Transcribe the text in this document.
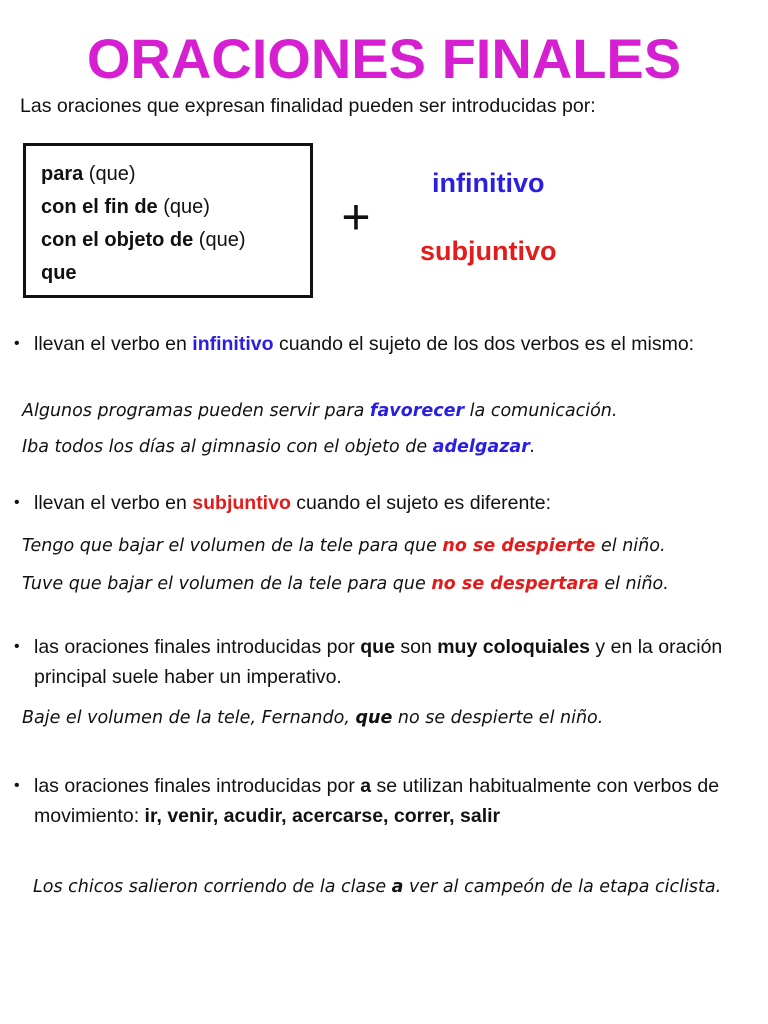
ORACIONES FINALES
Las oraciones que expresan finalidad pueden ser introducidas por:
para (que)
con el fin de (que)
con el objeto de (que)
que
+
infinitivo
subjuntivo
• llevan el verbo en infinitivo cuando el sujeto de los dos verbos es el mismo:
Algunos programas pueden servir para favorecer la comunicación.
Iba todos los días al gimnasio con el objeto de adelgazar.
• llevan el verbo en subjuntivo cuando el sujeto es diferente:
Tengo que bajar el volumen de la tele para que no se despierte el niño.
Tuve que bajar el volumen de la tele para que no se despertara el niño.
• las oraciones finales introducidas por que son muy coloquiales y en la oración principal suele haber un imperativo.
Baje el volumen de la tele, Fernando, que no se despierte el niño.
• las oraciones finales introducidas por a se utilizan habitualmente con verbos de movimiento: ir, venir, acudir, acercarse, correr, salir
Los chicos salieron corriendo de la clase a ver al campeón de la etapa ciclista.
